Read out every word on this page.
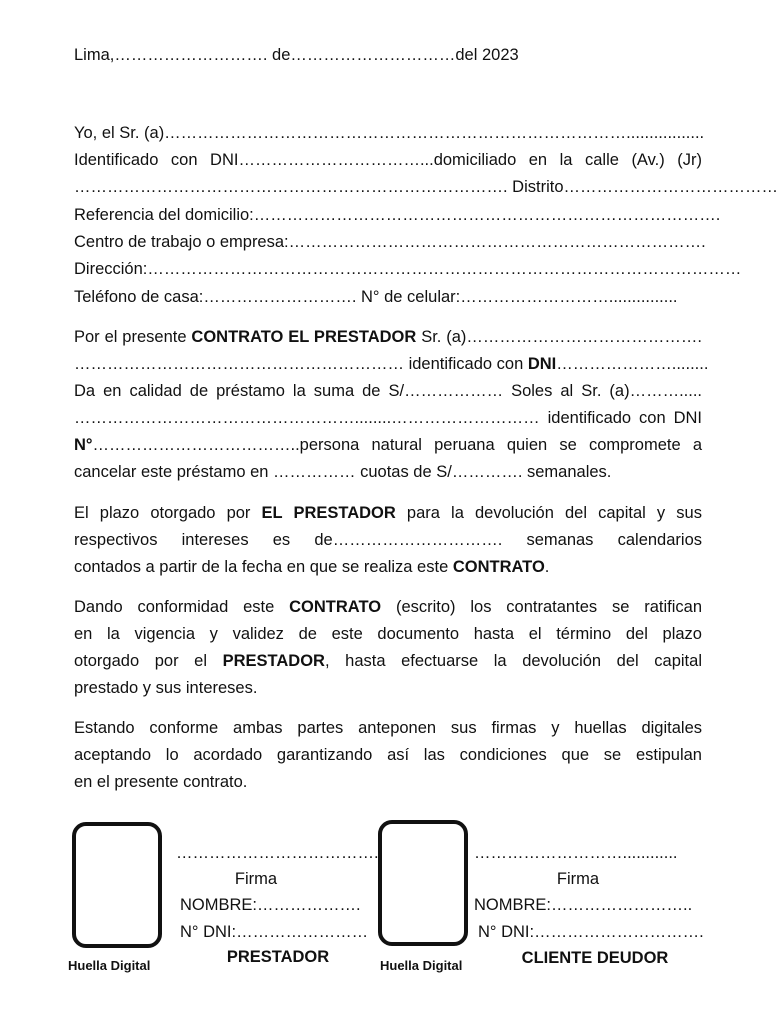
Lima,………………………. de…………………………del 2023
Yo, el Sr. (a)………………………………………………………………………….................
Identificado con DNI……………………………...domiciliado en la calle (Av.) (Jr)
……………………………………………………………………. Distrito…………………………………
Referencia del domicilio:………………………………………………………………………….
Centro de trabajo o empresa:………………………………………………………………….
Dirección:………………………………………………………………………………………………
Teléfono de casa:………………………. N° de celular:………………………...............
Por el presente CONTRATO EL PRESTADOR Sr. (a)…………………………………….
…………………………………………………… identificado con DNI…………………........
Da en calidad de préstamo la suma de S/……………… Soles al Sr. (a)……….....
……………………………………………........……………………… identificado con DNI
N°………………………………..persona natural peruana quien se compromete a
cancelar este préstamo en …………… cuotas de S/…………. semanales.
El plazo otorgado por EL PRESTADOR para la devolución del capital y sus
respectivos intereses es de…………………………. semanas calendarios
contados a partir de la fecha en que se realiza este CONTRATO.
Dando conformidad este CONTRATO (escrito) los contratantes se ratifican
en la vigencia y validez de este documento hasta el término del plazo
otorgado por el PRESTADOR, hasta efectuarse la devolución del capital
prestado y sus intereses.
Estando conforme ambas partes anteponen sus firmas y huellas digitales
aceptando lo acordado garantizando así las condiciones que se estipulan
en el presente contrato.
Huella Digital
……………………………….
Firma
NOMBRE:……………….
N° DNI:……………………
PRESTADOR	Huella Digital
………………………............
Firma
NOMBRE:……………………..
N° DNI:………………………….
CLIENTE DEUDOR
